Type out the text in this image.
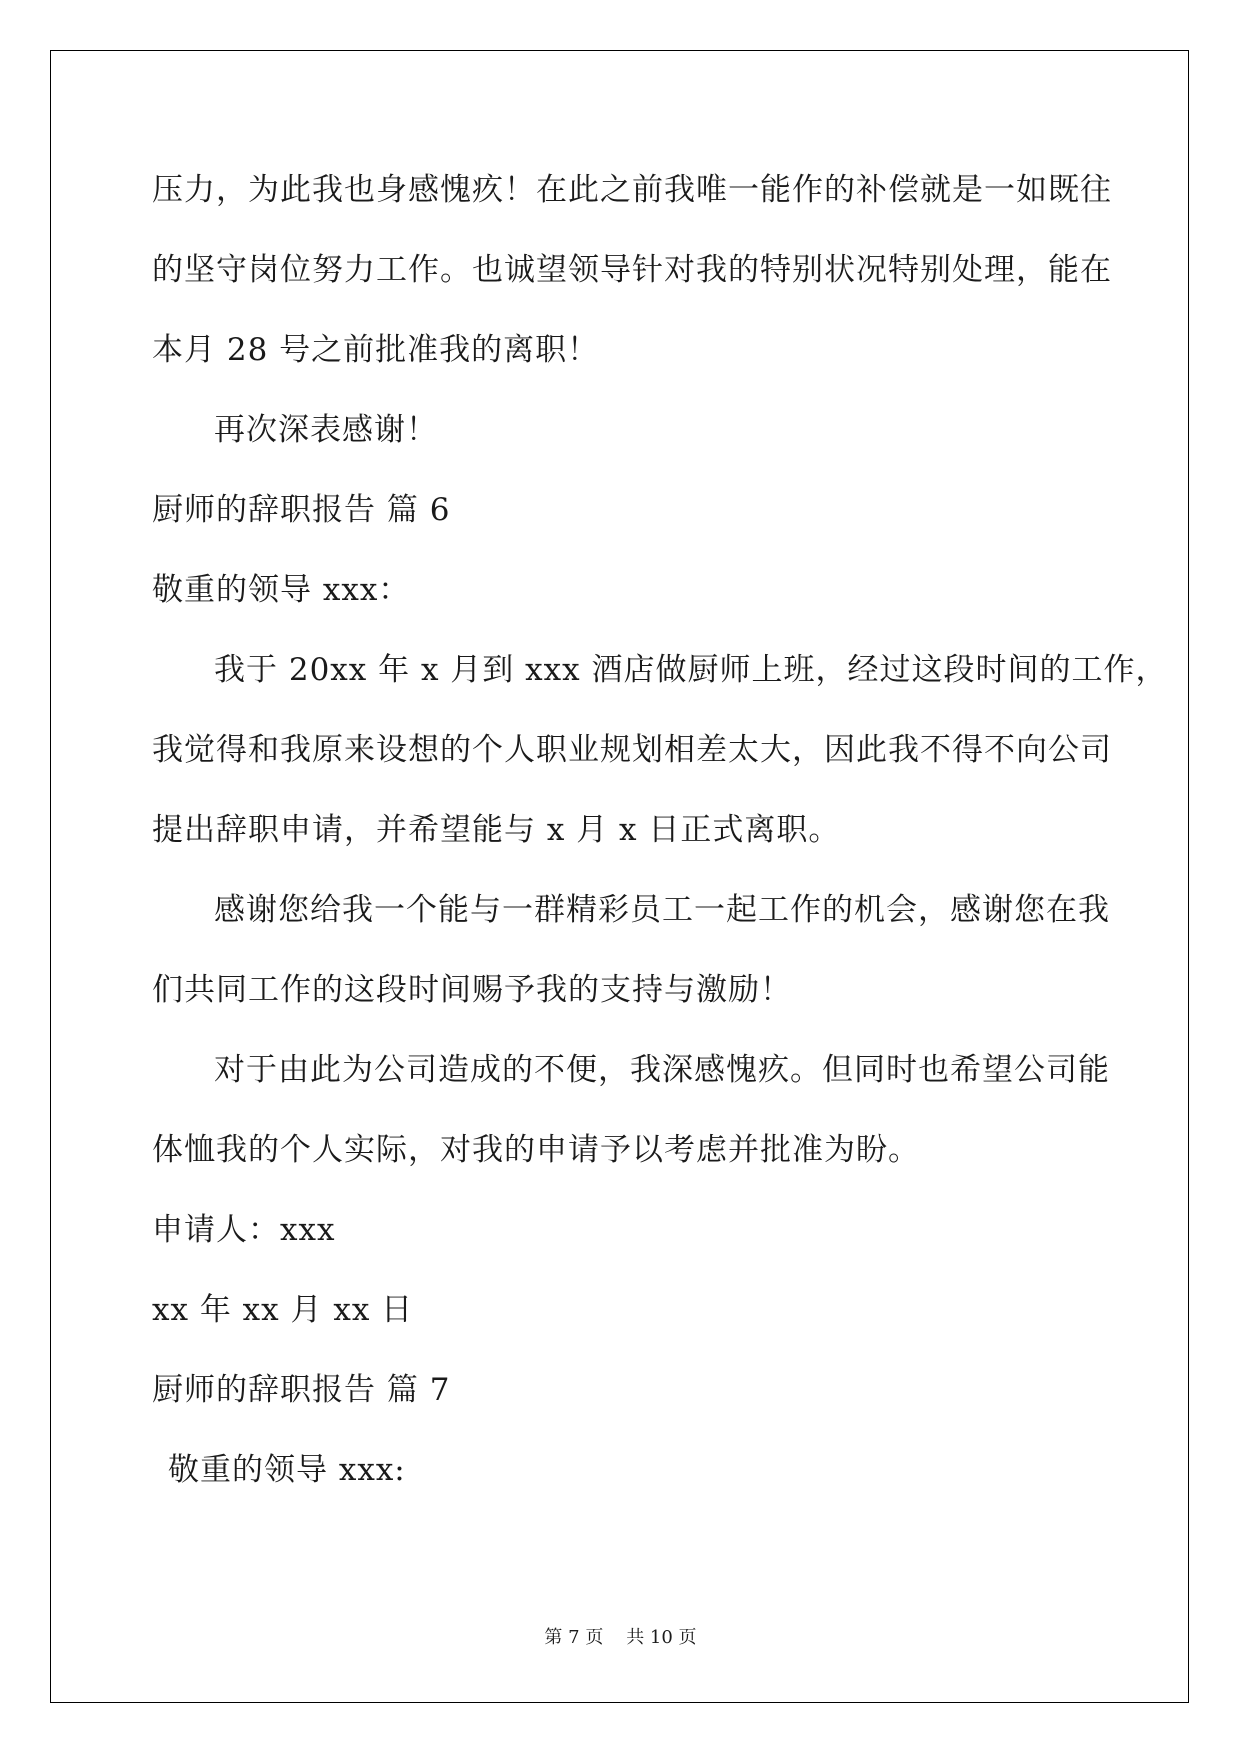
压力，为此我也身感愧疚！在此之前我唯一能作的补偿就是一如既往

的坚守岗位努力工作。也诚望领导针对我的特别状况特别处理，能在

本月 28 号之前批准我的离职！

再次深表感谢！

厨师的辞职报告 篇 6

敬重的领导 xxx：

我于 20xx 年 x 月到 xxx 酒店做厨师上班，经过这段时间的工作，

我觉得和我原来设想的个人职业规划相差太大，因此我不得不向公司

提出辞职申请，并希望能与 x 月 x 日正式离职。

感谢您给我一个能与一群精彩员工一起工作的机会，感谢您在我

们共同工作的这段时间赐予我的支持与激励！

对于由此为公司造成的不便，我深感愧疚。但同时也希望公司能

体恤我的个人实际，对我的申请予以考虑并批准为盼。

申请人：xxx

xx 年 xx 月 xx 日

厨师的辞职报告 篇 7

敬重的领导 xxx:

第 7 页    共 10 页
